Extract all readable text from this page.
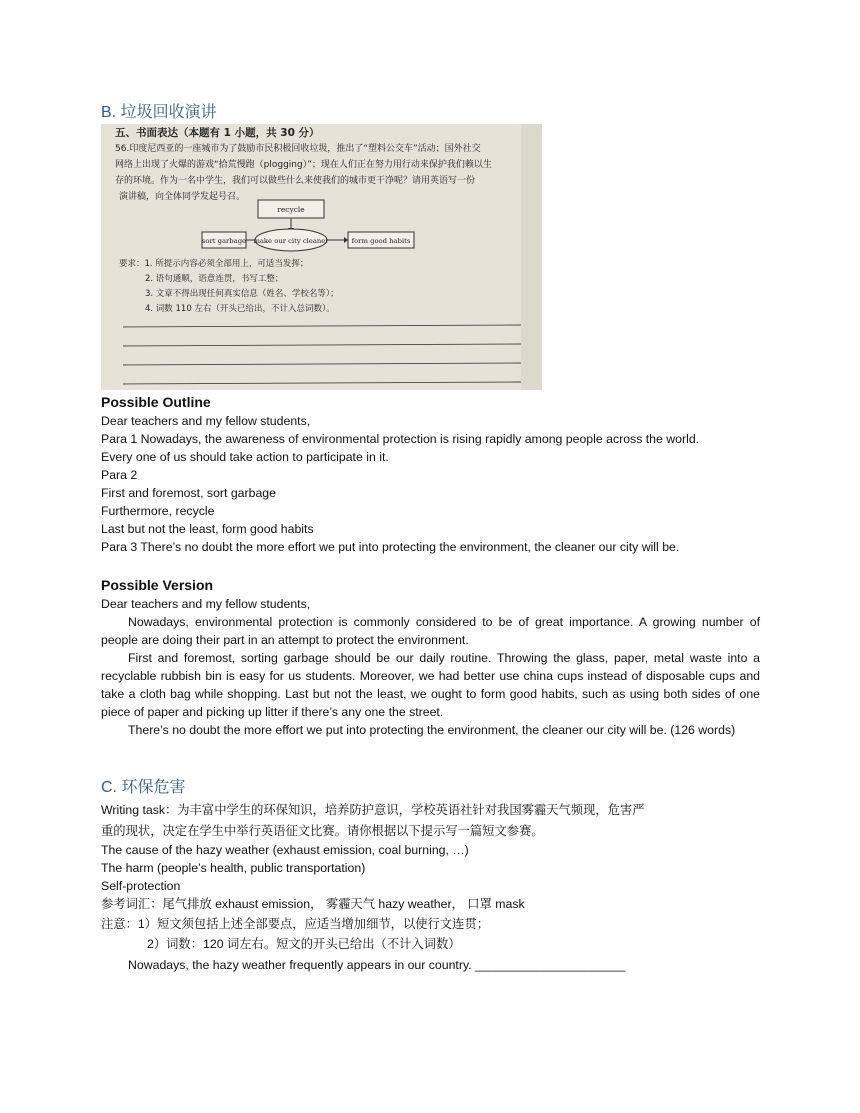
B. 垃圾回收演讲
五、书面表达（本题有 1 小题，共 30 分）
56.印度尼西亚的一座城市为了鼓励市民积极回收垃圾，推出了“塑料公交车”活动；国外社交
网络上出现了火爆的游戏“拾荒慢跑（plogging）”；现在人们正在努力用行动来保护我们赖以生
存的环境。作为一名中学生，我们可以做些什么来使我们的城市更干净呢？请用英语写一份
演讲稿，向全体同学发起号召。
recycle
sort garbage make our city cleaner	form good habits
要求：1. 所提示内容必须全部用上，可适当发挥；
2. 语句通顺，语意连贯，书写工整；
3. 文章不得出现任何真实信息（姓名、学校名等）；
4. 词数 110 左右（开头已给出，不计入总词数）。
Possible Outline
Dear teachers and my fellow students,
Para 1 Nowadays, the awareness of environmental protection is rising rapidly among people across the world.
Every one of us should take action to participate in it.
Para 2
First and foremost, sort garbage
Furthermore, recycle
Last but not the least, form good habits
Para 3 There’s no doubt the more effort we put into protecting the environment, the cleaner our city will be.
Possible Version
Dear teachers and my fellow students,
Nowadays, environmental protection is commonly considered to be of great importance. A growing number of people are doing their part in an attempt to protect the environment.
First and foremost, sorting garbage should be our daily routine. Throwing the glass, paper, metal waste into a recyclable rubbish bin is easy for us students. Moreover, we had better use china cups instead of disposable cups and take a cloth bag while shopping. Last but not the least, we ought to form good habits, such as using both sides of one piece of paper and picking up litter if there’s any one the street.
There’s no doubt the more effort we put into protecting the environment, the cleaner our city will be. (126 words)
C. 环保危害
Writing task：为丰富中学生的环保知识，培养防护意识，学校英语社针对我国雾霾天气频现，危害严
重的现状，决定在学生中举行英语征文比赛。请你根据以下提示写一篇短文参赛。
The cause of the hazy weather (exhaust emission, coal burning, …)
The harm (people’s health, public transportation)
Self-protection
参考词汇：尾气排放 exhaust emission， 雾霾天气 hazy weather， 口罩 mask
注意：1）短文须包括上述全部要点，应适当增加细节，以使行文连贯；
2）词数：120 词左右。短文的开头已给出（不计入词数）
Nowadays, the hazy weather frequently appears in our country. ______________________
